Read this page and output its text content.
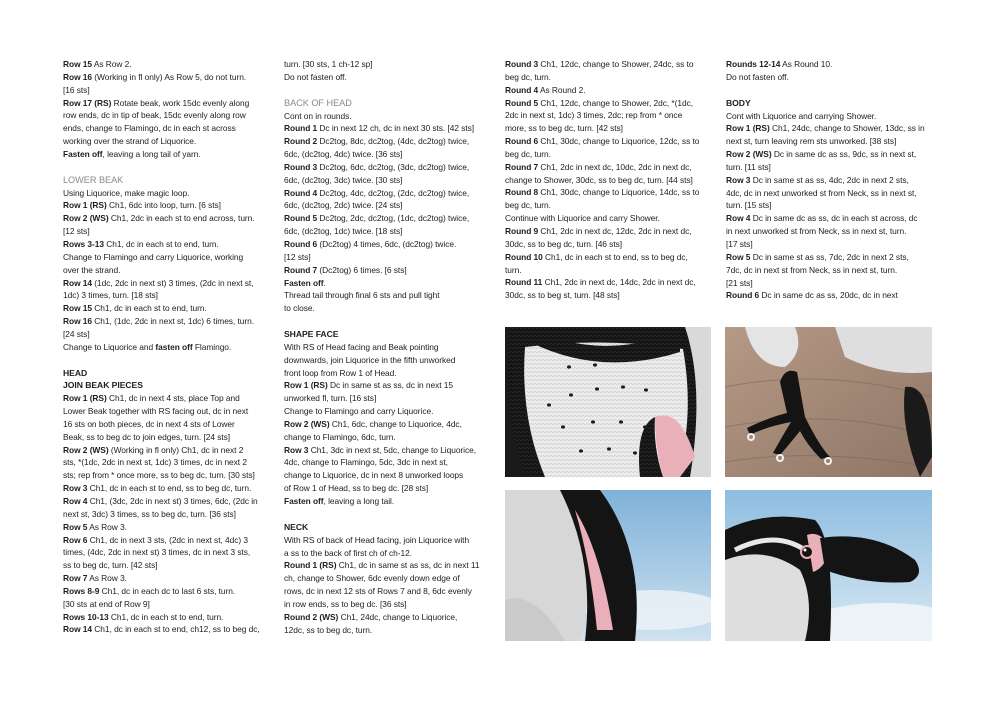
Row 15 As Row 2.

Row 16 (Working in fl only) As Row 5, do not turn.

[16 sts]

Row 17 (RS) Rotate beak, work 15dc evenly along

row ends, dc in tip of beak, 15dc evenly along row

ends, change to Flamingo, dc in each st across

working over the strand of Liquorice.

Fasten off, leaving a long tail of yarn.

LOWER BEAK

Using Liquorice, make magic loop.

Row 1 (RS) Ch1, 6dc into loop, turn. [6 sts]

Row 2 (WS) Ch1, 2dc in each st to end across, turn.

[12 sts]

Rows 3-13 Ch1, dc in each st to end, turn.

Change to Flamingo and carry Liquorice, working

over the strand.

Row 14 (1dc, 2dc in next st) 3 times, (2dc in next st,

1dc) 3 times, turn. [18 sts]

Row 15 Ch1, dc in each st to end, turn.

Row 16 Ch1, (1dc, 2dc in next st, 1dc) 6 times, turn.

[24 sts]

Change to Liquorice and fasten off Flamingo.

HEAD

JOIN BEAK PIECES

Row 1 (RS) Ch1, dc in next 4 sts, place Top and

Lower Beak together with RS facing out, dc in next

16 sts on both pieces, dc in next 4 sts of Lower

Beak, ss to beg dc to join edges, turn. [24 sts]

Row 2 (WS) (Working in fl only) Ch1, dc in next 2

sts, *(1dc, 2dc in next st, 1dc) 3 times, dc in next 2

sts; rep from * once more, ss to beg dc, turn. [30 sts]

Row 3 Ch1, dc in each st to end, ss to beg dc, turn.

Row 4 Ch1, (3dc, 2dc in next st) 3 times, 6dc, (2dc in

next st, 3dc) 3 times, ss to beg dc, turn. [36 sts]

Row 5 As Row 3.

Row 6 Ch1, dc in next 3 sts, (2dc in next st, 4dc) 3

times, (4dc, 2dc in next st) 3 times, dc in next 3 sts,

ss to beg dc, turn. [42 sts]

Row 7 As Row 3.

Rows 8-9 Ch1, dc in each dc to last 6 sts, turn.

[30 sts at end of Row 9]

Rows 10-13 Ch1, dc in each st to end, turn.

Row 14 Ch1, dc in each st to end, ch12, ss to beg dc,

turn. [30 sts, 1 ch-12 sp]

Do not fasten off.

BACK OF HEAD

Cont on in rounds.

Round 1 Dc in next 12 ch, dc in next 30 sts. [42 sts]

Round 2 Dc2tog, 8dc, dc2tog, (4dc, dc2tog) twice,

6dc, (dc2tog, 4dc) twice. [36 sts]

Round 3 Dc2tog, 6dc, dc2tog, (3dc, dc2tog) twice,

6dc, (dc2tog, 3dc) twice. [30 sts]

Round 4 Dc2tog, 4dc, dc2tog, (2dc, dc2tog) twice,

6dc, (dc2tog, 2dc) twice. [24 sts]

Round 5 Dc2tog, 2dc, dc2tog, (1dc, dc2tog) twice,

6dc, (dc2tog, 1dc) twice. [18 sts]

Round 6 (Dc2tog) 4 times, 6dc, (dc2tog) twice.

[12 sts]

Round 7 (Dc2tog) 6 times. [6 sts]

Fasten off.

Thread tail through final 6 sts and pull tight

to close.

SHAPE FACE

With RS of Head facing and Beak pointing

downwards, join Liquorice in the fifth unworked

front loop from Row 1 of Head.

Row 1 (RS) Dc in same st as ss, dc in next 15

unworked fl, turn. [16 sts]

Change to Flamingo and carry Liquorice.

Row 2 (WS) Ch1, 6dc, change to Liquorice, 4dc,

change to Flamingo, 6dc, turn.

Row 3 Ch1, 3dc in next st, 5dc, change to Liquorice,

4dc, change to Flamingo, 5dc, 3dc in next st,

change to Liquorice, dc in next 8 unworked loops

of Row 1 of Head, ss to beg dc. [28 sts]

Fasten off, leaving a long tail.

NECK

With RS of back of Head facing, join Liquorice with

a ss to the back of first ch of ch-12.

Round 1 (RS) Ch1, dc in same st as ss, dc in next 11

ch, change to Shower, 6dc evenly down edge of

rows, dc in next 12 sts of Rows 7 and 8, 6dc evenly

in row ends, ss to beg dc. [36 sts]

Round 2 (WS) Ch1, 24dc, change to Liquorice,

12dc, ss to beg dc, turn.

Round 3 Ch1, 12dc, change to Shower, 24dc, ss to

beg dc, turn.

Round 4 As Round 2.

Round 5 Ch1, 12dc, change to Shower, 2dc, *(1dc,

2dc in next st, 1dc) 3 times, 2dc; rep from * once

more, ss to beg dc, turn. [42 sts]

Round 6 Ch1, 30dc, change to Liquorice, 12dc, ss to

beg dc, turn.

Round 7 Ch1, 2dc in next dc, 10dc, 2dc in next dc,

change to Shower, 30dc, ss to beg dc, turn. [44 sts]

Round 8 Ch1, 30dc, change to Liquorice, 14dc, ss to

beg dc, turn.

Continue with Liquorice and carry Shower.

Round 9 Ch1, 2dc in next dc, 12dc, 2dc in next dc,

30dc, ss to beg dc, turn. [46 sts]

Round 10 Ch1, dc in each st to end, ss to beg dc,

turn.

Round 11 Ch1, 2dc in next dc, 14dc, 2dc in next dc,

30dc, ss to beg st, turn. [48 sts]

Rounds 12-14 As Round 10.

Do not fasten off.

BODY

Cont with Liquorice and carrying Shower.

Row 1 (RS) Ch1, 24dc, change to Shower, 13dc, ss in

next st, turn leaving rem sts unworked. [38 sts]

Row 2 (WS) Dc in same dc as ss, 9dc, ss in next st,

turn. [11 sts]

Row 3 Dc in same st as ss, 4dc, 2dc in next 2 sts,

4dc, dc in next unworked st from Neck, ss in next st,

turn. [15 sts]

Row 4 Dc in same dc as ss, dc in each st across, dc

in next unworked st from Neck, ss in next st, turn.

[17 sts]

Row 5 Dc in same st as ss, 7dc, 2dc in next 2 sts,

7dc, dc in next st from Neck, ss in next st, turn.

[21 sts]

Round 6 Dc in same dc as ss, 20dc, dc in next
